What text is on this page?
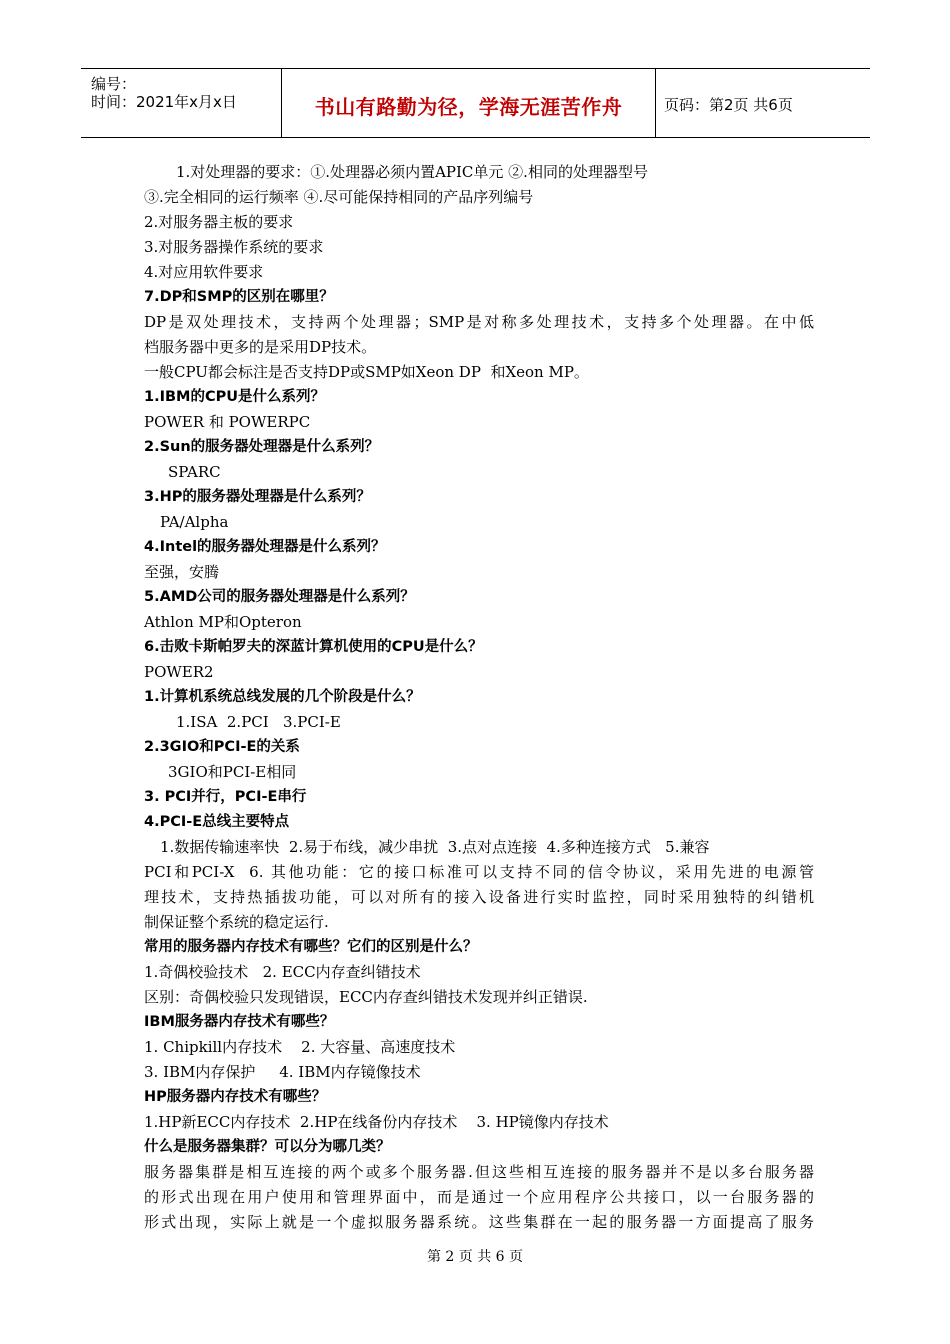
编号：
时间：2021年x月x日	书山有路勤为径，学海无涯苦作舟	页码：第2页 共6页
1.对处理器的要求：①.处理器必须内置APIC单元 ②.相同的处理器型号
③.完全相同的运行频率 ④.尽可能保持相同的产品序列编号
2.对服务器主板的要求
3.对服务器操作系统的要求
4.对应用软件要求
7.DP和SMP的区别在哪里？
DP是双处理技术，支持两个处理器；SMP是对称多处理技术，支持多个处理器。在中低
档服务器中更多的是采用DP技术。
一般CPU都会标注是否支持DP或SMP如Xeon DP  和Xeon MP。
1.IBM的CPU是什么系列？
POWER 和 POWERPC
2.Sun的服务器处理器是什么系列？
SPARC
3.HP的服务器处理器是什么系列？
PA/Alpha
4.Intel的服务器处理器是什么系列？
至强，安腾
5.AMD公司的服务器处理器是什么系列？
Athlon MP和Opteron
6.击败卡斯帕罗夫的深蓝计算机使用的CPU是什么？
POWER2
1.计算机系统总线发展的几个阶段是什么？
1.ISA  2.PCI   3.PCI-E
2.3GIO和PCI-E的关系
3GIO和PCI-E相同
3. PCI并行，PCI-E串行
4.PCI-E总线主要特点
1.数据传输速率快  2.易于布线，减少串扰  3.点对点连接  4.多种连接方式   5.兼容
PCI和PCI-X  6. 其他功能：它的接口标准可以支持不同的信令协议，采用先进的电源管
理技术，支持热插拔功能，可以对所有的接入设备进行实时监控，同时采用独特的纠错机
制保证整个系统的稳定运行.
常用的服务器内存技术有哪些？它们的区别是什么？
1.奇偶校验技术   2. ECC内存查纠错技术
区别：奇偶校验只发现错误，ECC内存查纠错技术发现并纠正错误.
IBM服务器内存技术有哪些？
1. Chipkill内存技术    2. 大容量、高速度技术
3. IBM内存保护     4. IBM内存镜像技术
HP服务器内存技术有哪些？
1.HP新ECC内存技术  2.HP在线备份内存技术    3. HP镜像内存技术
什么是服务器集群？可以分为哪几类？
服务器集群是相互连接的两个或多个服务器.但这些相互连接的服务器并不是以多台服务器
的形式出现在用户使用和管理界面中，而是通过一个应用程序公共接口，以一台服务器的
形式出现，实际上就是一个虚拟服务器系统。这些集群在一起的服务器一方面提高了服务
第 2 页 共 6 页
